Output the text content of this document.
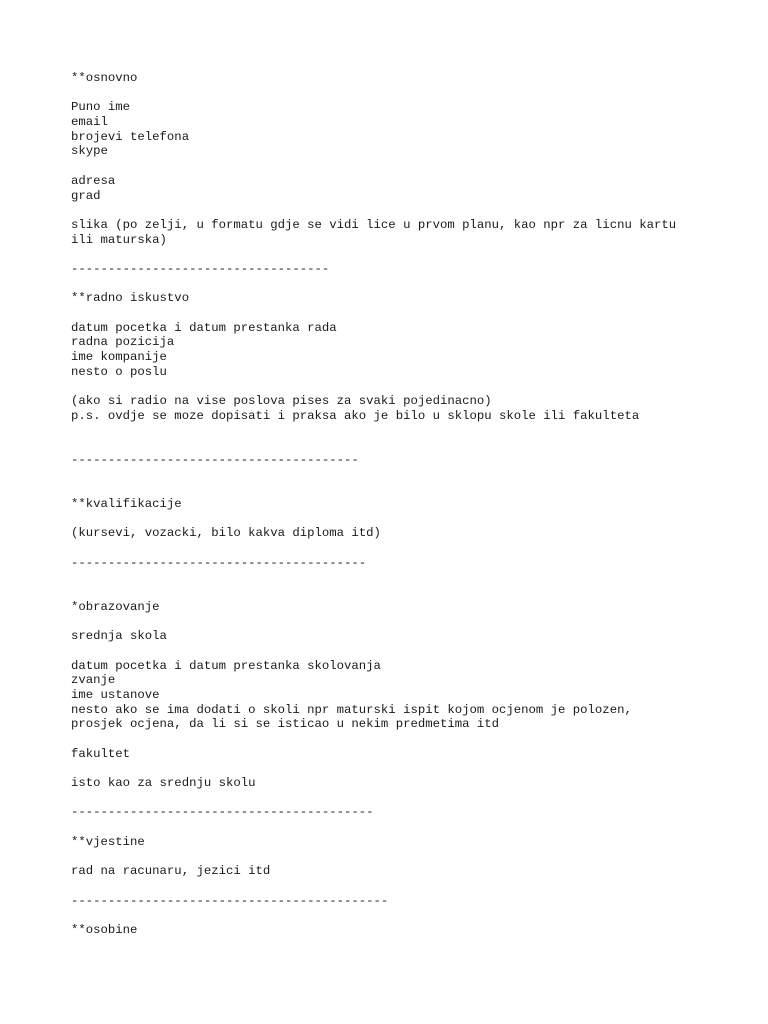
**osnovno
Puno ime
email
brojevi telefona
skype
adresa
grad
slika (po zelji, u formatu gdje se vidi lice u prvom planu, kao npr za licnu kartu
ili maturska)
-----------------------------------
**radno iskustvo
datum pocetka i datum prestanka rada
radna pozicija
ime kompanije
nesto o poslu
(ako si radio na vise poslova pises za svaki pojedinacno)
p.s. ovdje se moze dopisati i praksa ako je bilo u sklopu skole ili fakulteta
---------------------------------------
**kvalifikacije
(kursevi, vozacki, bilo kakva diploma itd)
----------------------------------------
*obrazovanje
srednja skola
datum pocetka i datum prestanka skolovanja
zvanje
ime ustanove
nesto ako se ima dodati o skoli npr maturski ispit kojom ocjenom je polozen,
prosjek ocjena, da li si se isticao u nekim predmetima itd
fakultet
isto kao za srednju skolu
-----------------------------------------
**vjestine
rad na racunaru, jezici itd
-------------------------------------------
**osobine
